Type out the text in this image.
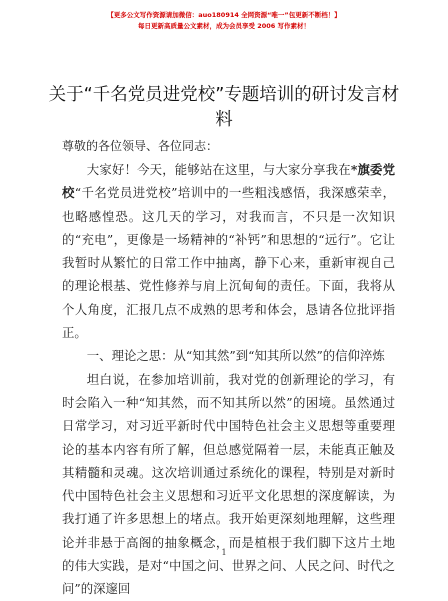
【更多公文写作资源请加微信：auo180914 全网资源“唯一”包更新不断档！】
每日更新高质量公文素材，成为会员享受 2006 写作素材！
关于“千名党员进党校”专题培训的研讨发言材料
尊敬的各位领导、各位同志：

大家好！今天，能够站在这里，与大家分享我在*旗委党校“千名党员进党校”培训中的一些粗浅感悟，我深感荣幸，也略感惶恐。这几天的学习，对我而言，不只是一次知识的“充电”，更像是一场精神的“补钙”和思想的“远行”。它让我暂时从繁忙的日常工作中抽离，静下心来，重新审视自己的理论根基、党性修养与肩上沉甸甸的责任。下面，我将从个人角度，汇报几点不成熟的思考和体会，恳请各位批评指正。

一、理论之思：从“知其然”到“知其所以然”的信仰淬炼

坦白说，在参加培训前，我对党的创新理论的学习，有时会陷入一种“知其然，而不知其所以然”的困境。虽然通过日常学习，对习近平新时代中国特色社会主义思想等重要理论的基本内容有所了解，但总感觉隔着一层，未能真正触及其精髓和灵魂。这次培训通过系统化的课程，特别是对新时代中国特色社会主义思想和习近平文化思想的深度解读，为我打通了许多思想上的堵点。我开始更深刻地理解，这些理论并非悬于高阁的抽象概念，而是植根于我们脚下这片土地的伟大实践，是对“中国之问、世界之问、人民之问、时代之问”的深邃回

1
